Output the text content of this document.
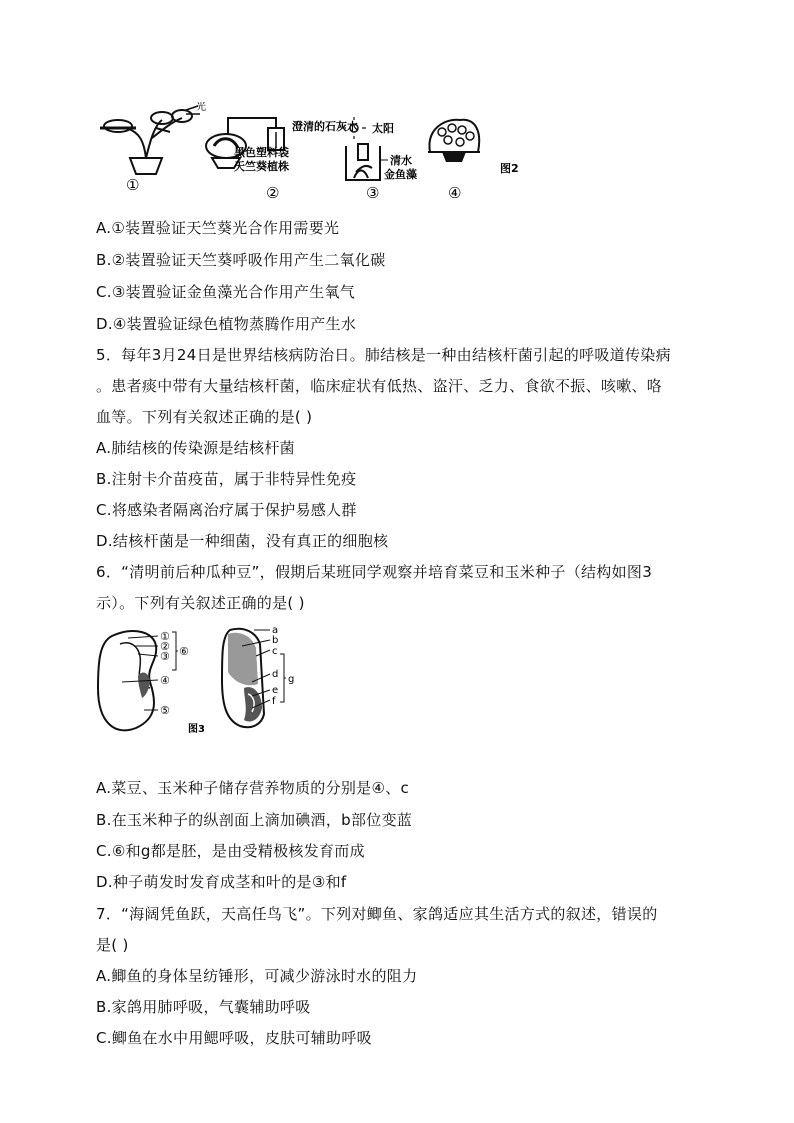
光
①
澄清的石灰水
黑色塑料袋
天竺葵植株
②
太阳
清水
金鱼藻
③	④
图2
A.①装置验证天竺葵光合作用需要光
B.②装置验证天竺葵呼吸作用产生二氧化碳
C.③装置验证金鱼藻光合作用产生氧气
D.④装置验证绿色植物蒸腾作用产生水
5．每年3月24日是世界结核病防治日。肺结核是一种由结核杆菌引起的呼吸道传染病
。患者痰中带有大量结核杆菌，临床症状有低热、盗汗、乏力、食欲不振、咳嗽、咯
血等。下列有关叙述正确的是( )
A.肺结核的传染源是结核杆菌
B.注射卡介苗疫苗，属于非特异性免疫
C.将感染者隔离治疗属于保护易感人群
D.结核杆菌是一种细菌，没有真正的细胞核
6．“清明前后种瓜种豆”，假期后某班同学观察并培育菜豆和玉米种子（结构如图3
示）。下列有关叙述正确的是( )
①
②
③
④
⑤
⑥
图3
a
b
c
d
e
f
g
A.菜豆、玉米种子储存营养物质的分别是④、c
B.在玉米种子的纵剖面上滴加碘酒，b部位变蓝
C.⑥和g都是胚，是由受精极核发育而成
D.种子萌发时发育成茎和叶的是③和f
7．“海阔凭鱼跃，天高任鸟飞”。下列对鲫鱼、家鸽适应其生活方式的叙述，错误的
是( )
A.鲫鱼的身体呈纺锤形，可减少游泳时水的阻力
B.家鸽用肺呼吸，气囊辅助呼吸
C.鲫鱼在水中用鳃呼吸，皮肤可辅助呼吸
